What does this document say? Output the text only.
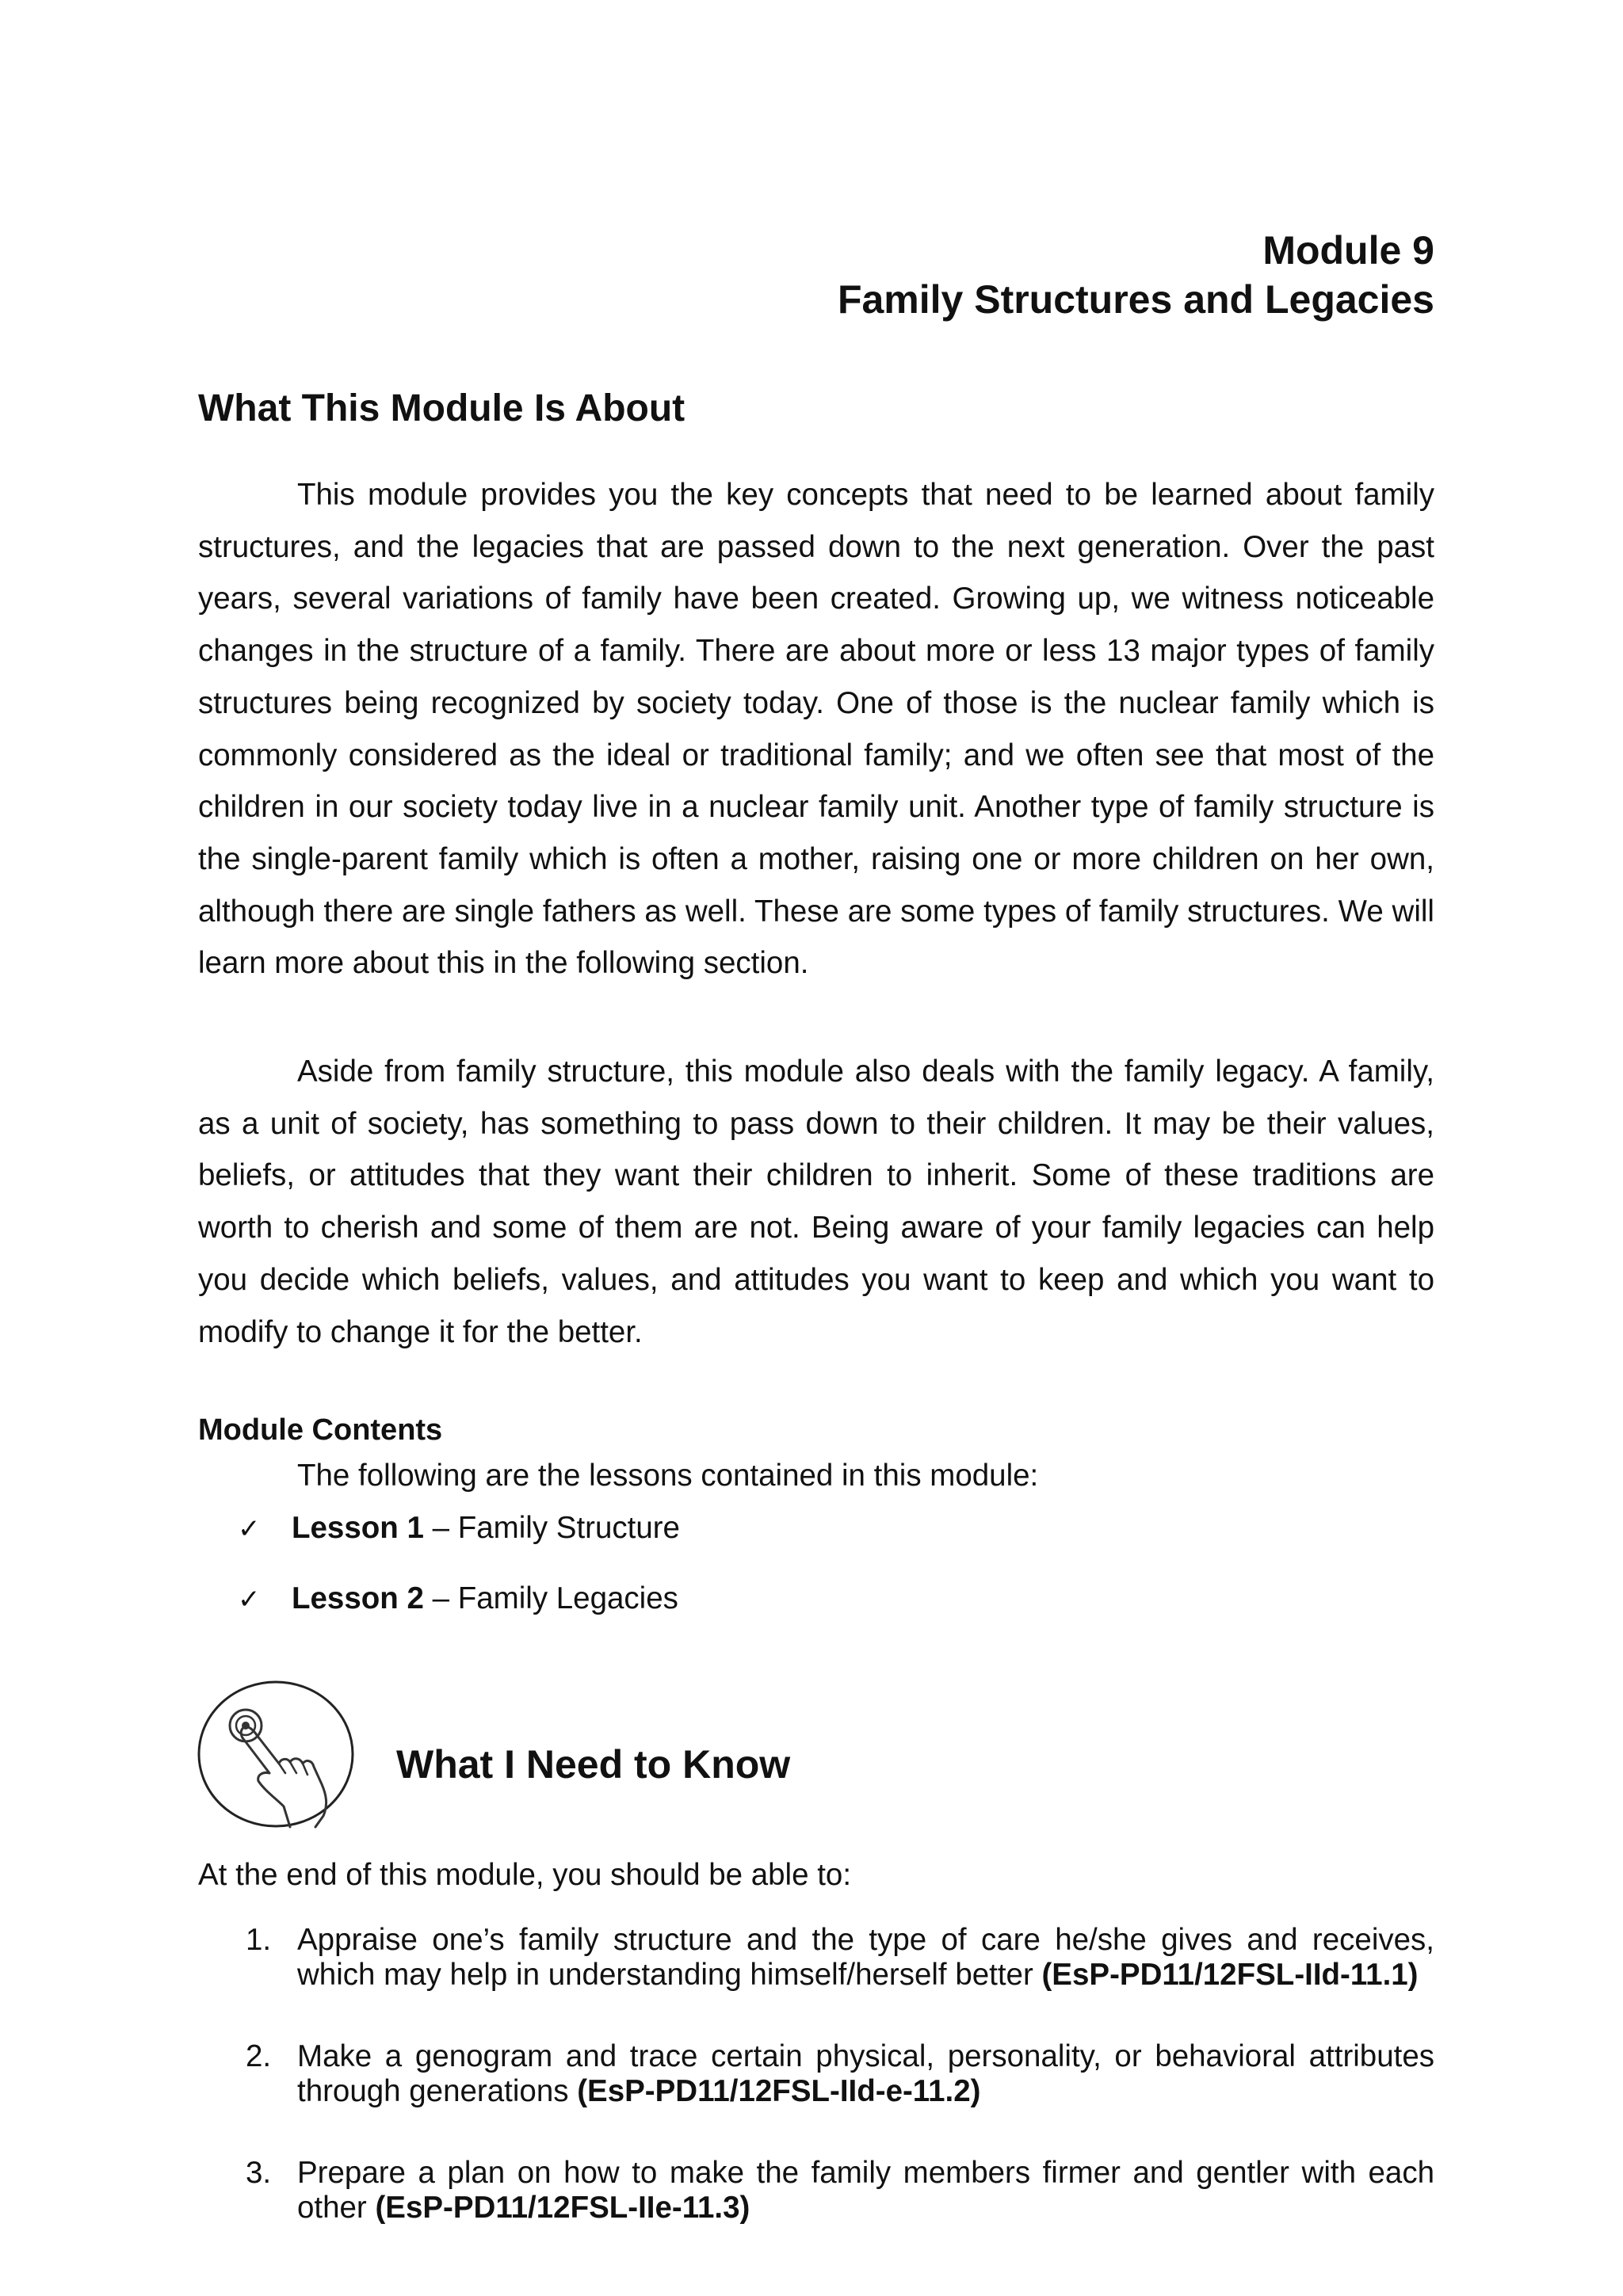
Module 9
Family Structures and Legacies
What This Module Is About

This module provides you the key concepts that need to be learned about family structures, and the legacies that are passed down to the next generation. Over the past years, several variations of family have been created. Growing up, we witness noticeable changes in the structure of a family. There are about more or less 13 major types of family structures being recognized by society today. One of those is the nuclear family which is commonly considered as the ideal or traditional family; and we often see that most of the children in our society today live in a nuclear family unit. Another type of family structure is the single-parent family which is often a mother, raising one or more children on her own, although there are single fathers as well. These are some types of family structures. We will learn more about this in the following section.

Aside from family structure, this module also deals with the family legacy. A family, as a unit of society, has something to pass down to their children. It may be their values, beliefs, or attitudes that they want their children to inherit. Some of these traditions are worth to cherish and some of them are not. Being aware of your family legacies can help you decide which beliefs, values, and attitudes you want to keep and which you want to modify to change it for the better.

Module Contents
The following are the lessons contained in this module:
✓ Lesson 1 – Family Structure
✓ Lesson 2 – Family Legacies
What I Need to Know
At the end of this module, you should be able to:
1. Appraise one’s family structure and the type of care he/she gives and receives, which may help in understanding himself/herself better (EsP-PD11/12FSL-IId-11.1)
2. Make a genogram and trace certain physical, personality, or behavioral attributes through generations (EsP-PD11/12FSL-IId-e-11.2)
3. Prepare a plan on how to make the family members firmer and gentler with each other (EsP-PD11/12FSL-IIe-11.3)
